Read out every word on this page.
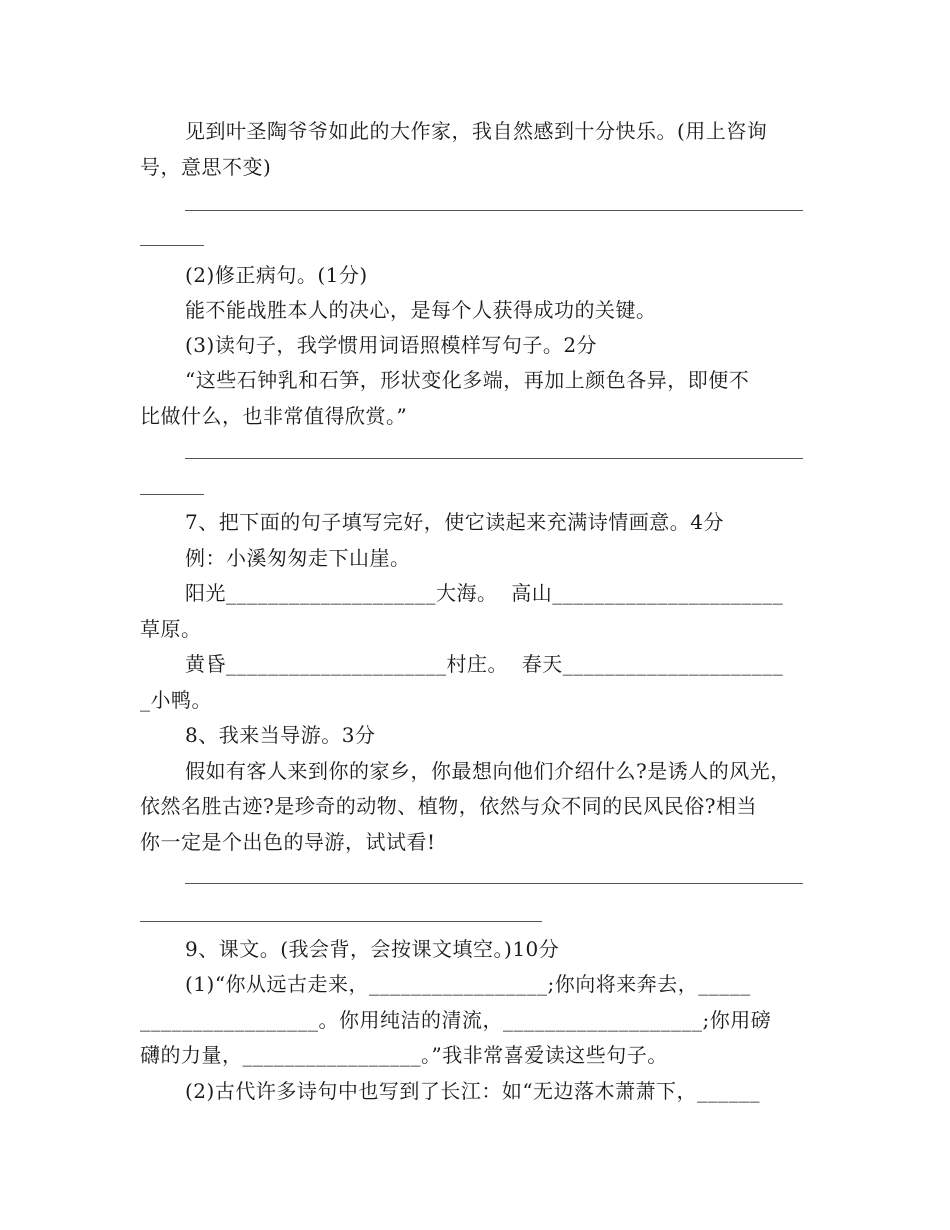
见到叶圣陶爷爷如此的大作家，我自然感到十分快乐。(用上咨询

号，意思不变)

(2)修正病句。(1分)

能不能战胜本人的决心，是每个人获得成功的关键。

(3)读句子，我学惯用词语照模样写句子。2分

“这些石钟乳和石笋，形状变化多端，再加上颜色各异，即便不

比做什么，也非常值得欣赏。”

7、把下面的句子填写完好，使它读起来充满诗情画意。4分

例：小溪匆匆走下山崖。

阳光____________________大海。  高山______________________

草原。

黄昏_____________________村庄。  春天_____________________

_小鸭。

8、我来当导游。3分

假如有客人来到你的家乡，你最想向他们介绍什么?是诱人的风光，

依然名胜古迹?是珍奇的动物、植物，依然与众不同的民风民俗?相当

你一定是个出色的导游，试试看!

9、课文。(我会背，会按课文填空。)10分

(1)“你从远古走来，_________________;你向将来奔去，_____

_________________。你用纯洁的清流，___________________;你用磅

礴的力量，_________________。”我非常喜爱读这些句子。

(2)古代许多诗句中也写到了长江：如“无边落木萧萧下，______
